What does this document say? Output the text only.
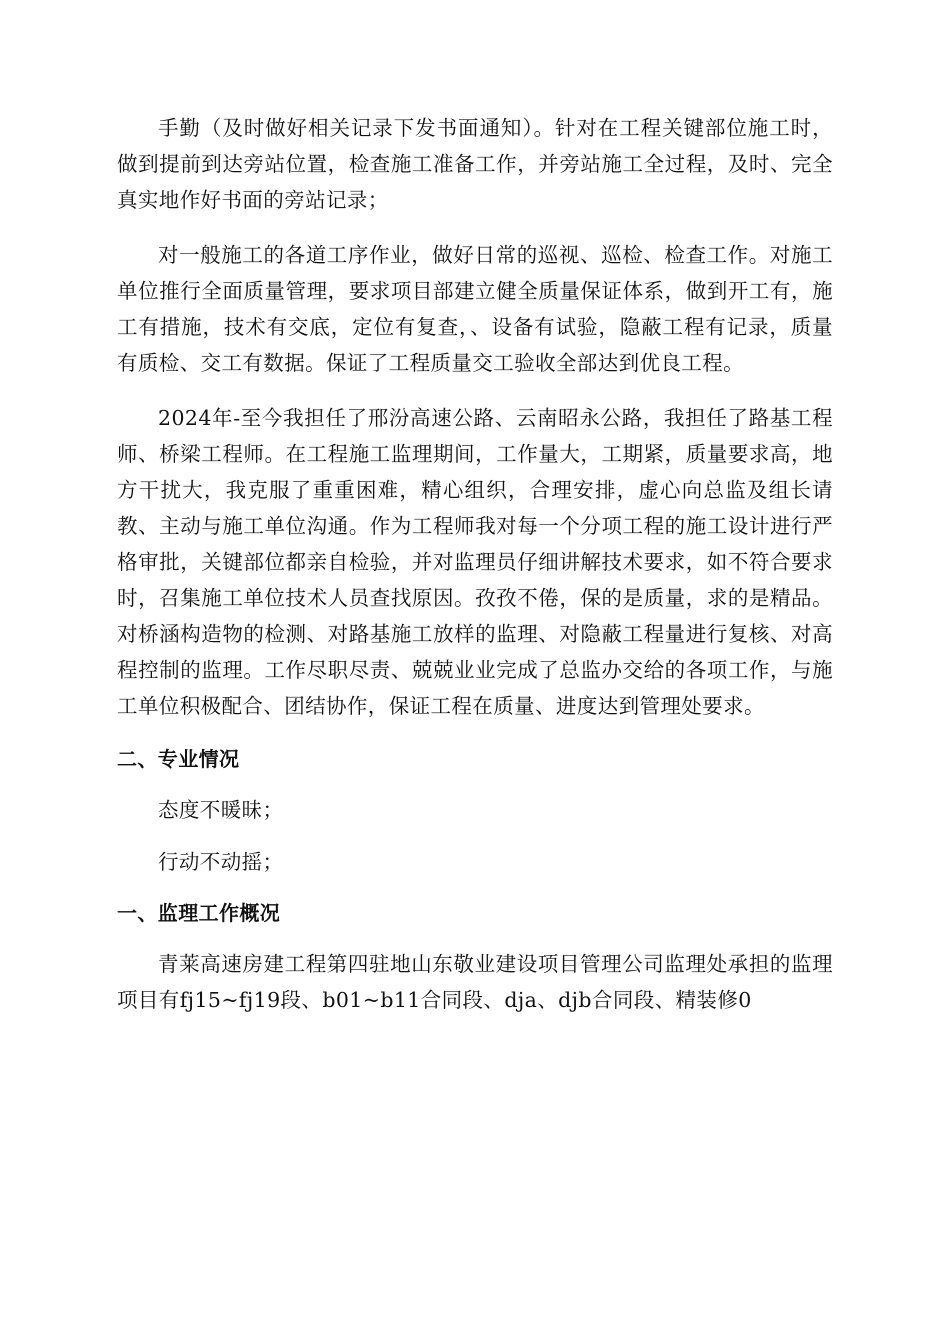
手勤（及时做好相关记录下发书面通知）。针对在工程关键部位施工时，做到提前到达旁站位置，检查施工准备工作，并旁站施工全过程，及时、完全真实地作好书面的旁站记录；

对一般施工的各道工序作业，做好日常的巡视、巡检、检查工作。对施工单位推行全面质量管理，要求项目部建立健全质量保证体系，做到开工有，施工有措施，技术有交底，定位有复查，、设备有试验，隐蔽工程有记录，质量有质检、交工有数据。保证了工程质量交工验收全部达到优良工程。

2024年-至今我担任了邢汾高速公路、云南昭永公路，我担任了路基工程师、桥梁工程师。在工程施工监理期间，工作量大，工期紧，质量要求高，地方干扰大，我克服了重重困难，精心组织，合理安排，虚心向总监及组长请教、主动与施工单位沟通。作为工程师我对每一个分项工程的施工设计进行严格审批，关键部位都亲自检验，并对监理员仔细讲解技术要求，如不符合要求时，召集施工单位技术人员查找原因。孜孜不倦，保的是质量，求的是精品。对桥涵构造物的检测、对路基施工放样的监理、对隐蔽工程量进行复核、对高程控制的监理。工作尽职尽责、兢兢业业完成了总监办交给的各项工作，与施工单位积极配合、团结协作，保证工程在质量、进度达到管理处要求。

二、专业情况

态度不暖昧；

行动不动摇；

一、监理工作概况

青莱高速房建工程第四驻地山东敬业建设项目管理公司监理处承担的监理项目有fj15~fj19段、b01~b11合同段、dja、djb合同段、精装修0
